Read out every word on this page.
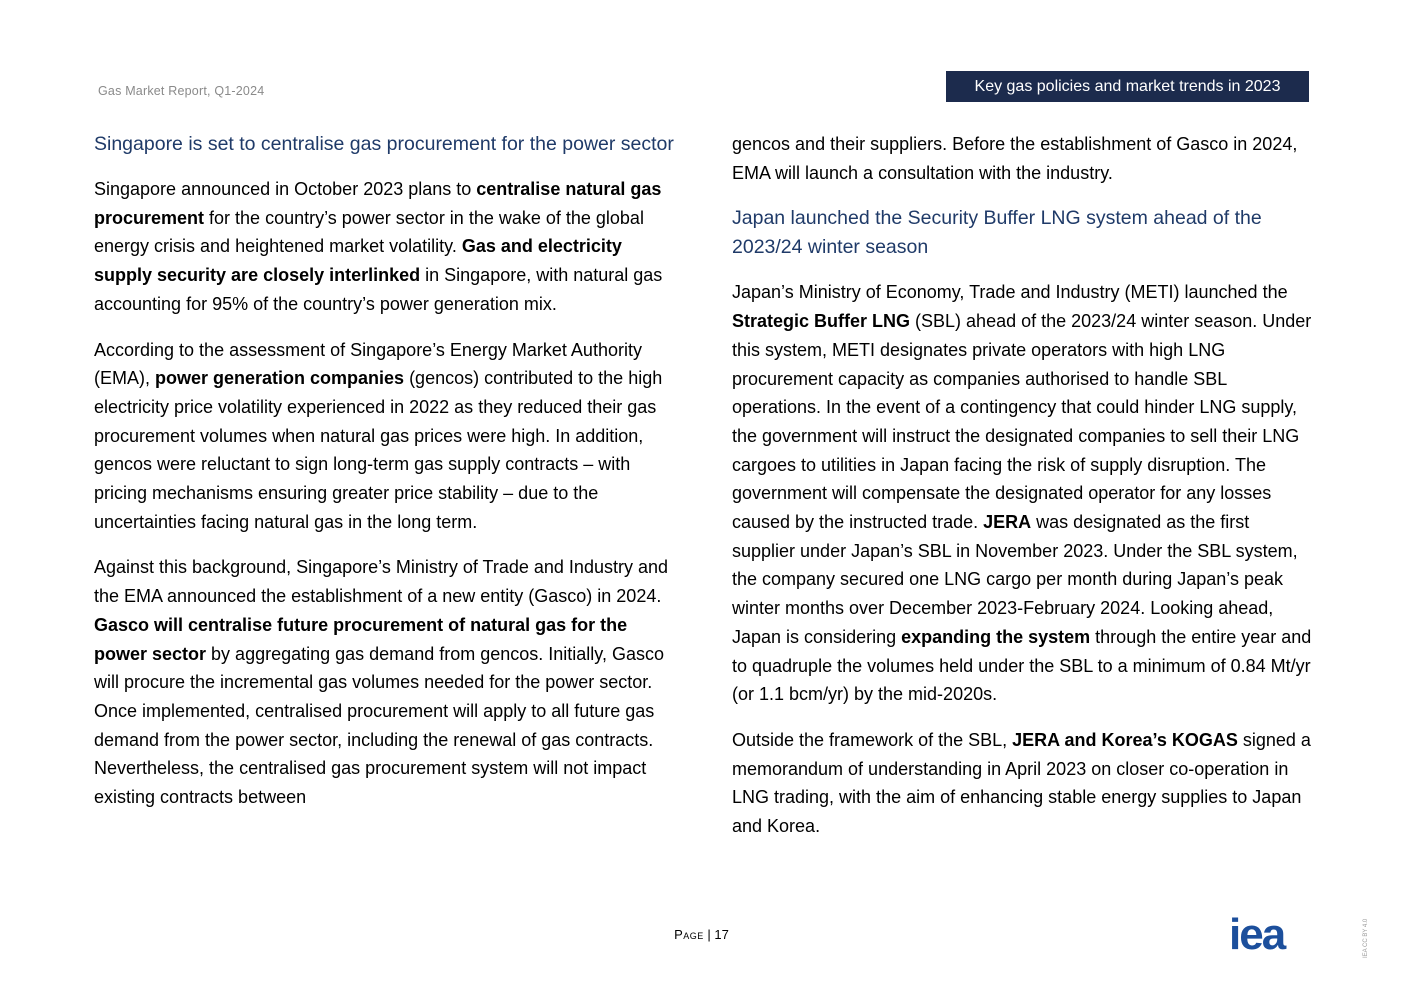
Gas Market Report, Q1-2024	Key gas policies and market trends in 2023
Singapore is set to centralise gas procurement for the power sector

Singapore announced in October 2023 plans to centralise natural gas procurement for the country’s power sector in the wake of the global energy crisis and heightened market volatility. Gas and electricity supply security are closely interlinked in Singapore, with natural gas accounting for 95% of the country’s power generation mix.

According to the assessment of Singapore’s Energy Market Authority (EMA), power generation companies (gencos) contributed to the high electricity price volatility experienced in 2022 as they reduced their gas procurement volumes when natural gas prices were high. In addition, gencos were reluctant to sign long-term gas supply contracts – with pricing mechanisms ensuring greater price stability – due to the uncertainties facing natural gas in the long term.

Against this background, Singapore’s Ministry of Trade and Industry and the EMA announced the establishment of a new entity (Gasco) in 2024. Gasco will centralise future procurement of natural gas for the power sector by aggregating gas demand from gencos. Initially, Gasco will procure the incremental gas volumes needed for the power sector. Once implemented, centralised procurement will apply to all future gas demand from the power sector, including the renewal of gas contracts. Nevertheless, the centralised gas procurement system will not impact existing contracts between

gencos and their suppliers. Before the establishment of Gasco in 2024, EMA will launch a consultation with the industry.

Japan launched the Security Buffer LNG system ahead of the 2023/24 winter season

Japan’s Ministry of Economy, Trade and Industry (METI) launched the Strategic Buffer LNG (SBL) ahead of the 2023/24 winter season. Under this system, METI designates private operators with high LNG procurement capacity as companies authorised to handle SBL operations. In the event of a contingency that could hinder LNG supply, the government will instruct the designated companies to sell their LNG cargoes to utilities in Japan facing the risk of supply disruption. The government will compensate the designated operator for any losses caused by the instructed trade. JERA was designated as the first supplier under Japan’s SBL in November 2023. Under the SBL system, the company secured one LNG cargo per month during Japan’s peak winter months over December 2023-February 2024. Looking ahead, Japan is considering expanding the system through the entire year and to quadruple the volumes held under the SBL to a minimum of 0.84 Mt/yr (or 1.1 bcm/yr) by the mid-2020s.

Outside the framework of the SBL, JERA and Korea’s KOGAS signed a memorandum of understanding in April 2023 on closer co-operation in LNG trading, with the aim of enhancing stable energy supplies to Japan and Korea.

Page | 17	iea	IEA CC BY 4.0
